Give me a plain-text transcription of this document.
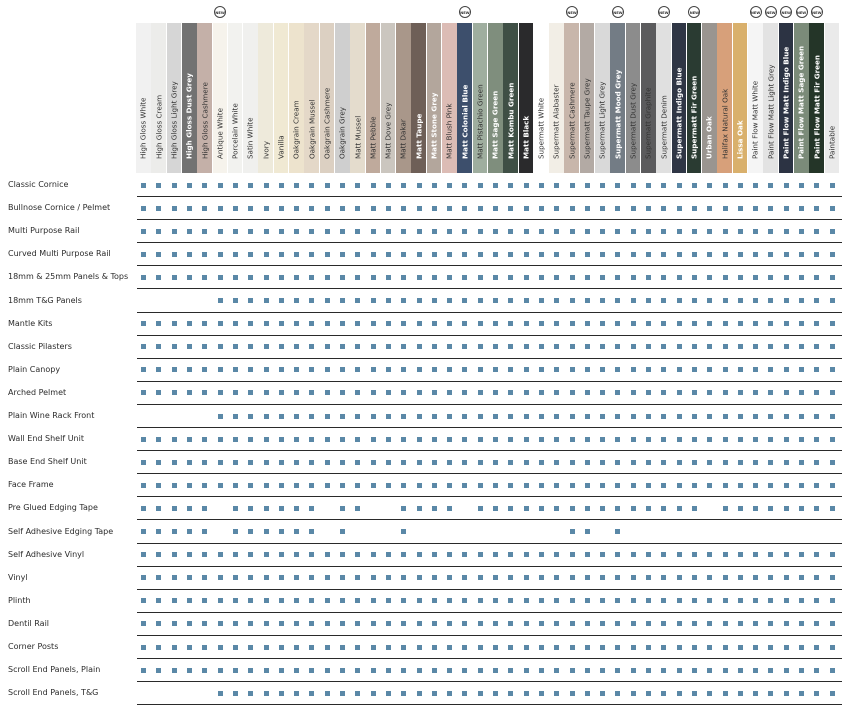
High Gloss White High Gloss Cream High Gloss Light Grey High Gloss Dust Grey High Gloss Cashmere Antique White
NEW
Porcelain White Satin White Ivory Vanilla Oakgrain Cream Oakgrain Mussel Oakgrain Cashmere Oakgrain Grey Matt Mussel Matt Pebble Matt Dove Grey Matt Dakar Matt Taupe Matt Stone Grey Matt Blush Pink Matt Colonial Blue
NEW
Matt Pistachio Green Matt Sage Green Matt Kombu Green Matt Black Supermatt White Supermatt Alabaster Supermatt Cashmere
NEW
Supermatt Taupe Grey Supermatt Light Grey Supermatt Mood Grey
NEW
Supermatt Dust Grey Supermatt Graphite Supermatt Denim
NEW
Supermatt Indigo Blue Supermatt Fir Green
NEW
Urban Oak Halifax Natural Oak Lissa Oak Paint Flow Matt White
NEW
Paint Flow Matt Light Grey
NEW
Paint Flow Matt Indigo Blue
NEW
Paint Flow Matt Sage Green
NEW
Paint Flow Matt Fir Green
NEW
Paintable
Classic Cornice
Bullnose Cornice / Pelmet
Multi Purpose Rail
Curved Multi Purpose Rail
18mm & 25mm Panels & Tops
18mm T&G Panels
Mantle Kits
Classic Pilasters
Plain Canopy
Arched Pelmet
Plain Wine Rack Front
Wall End Shelf Unit
Base End Shelf Unit
Face Frame
Pre Glued Edging Tape
Self Adhesive Edging Tape
Self Adhesive Vinyl
Vinyl
Plinth
Dentil Rail
Corner Posts
Scroll End Panels, Plain
Scroll End Panels, T&G
